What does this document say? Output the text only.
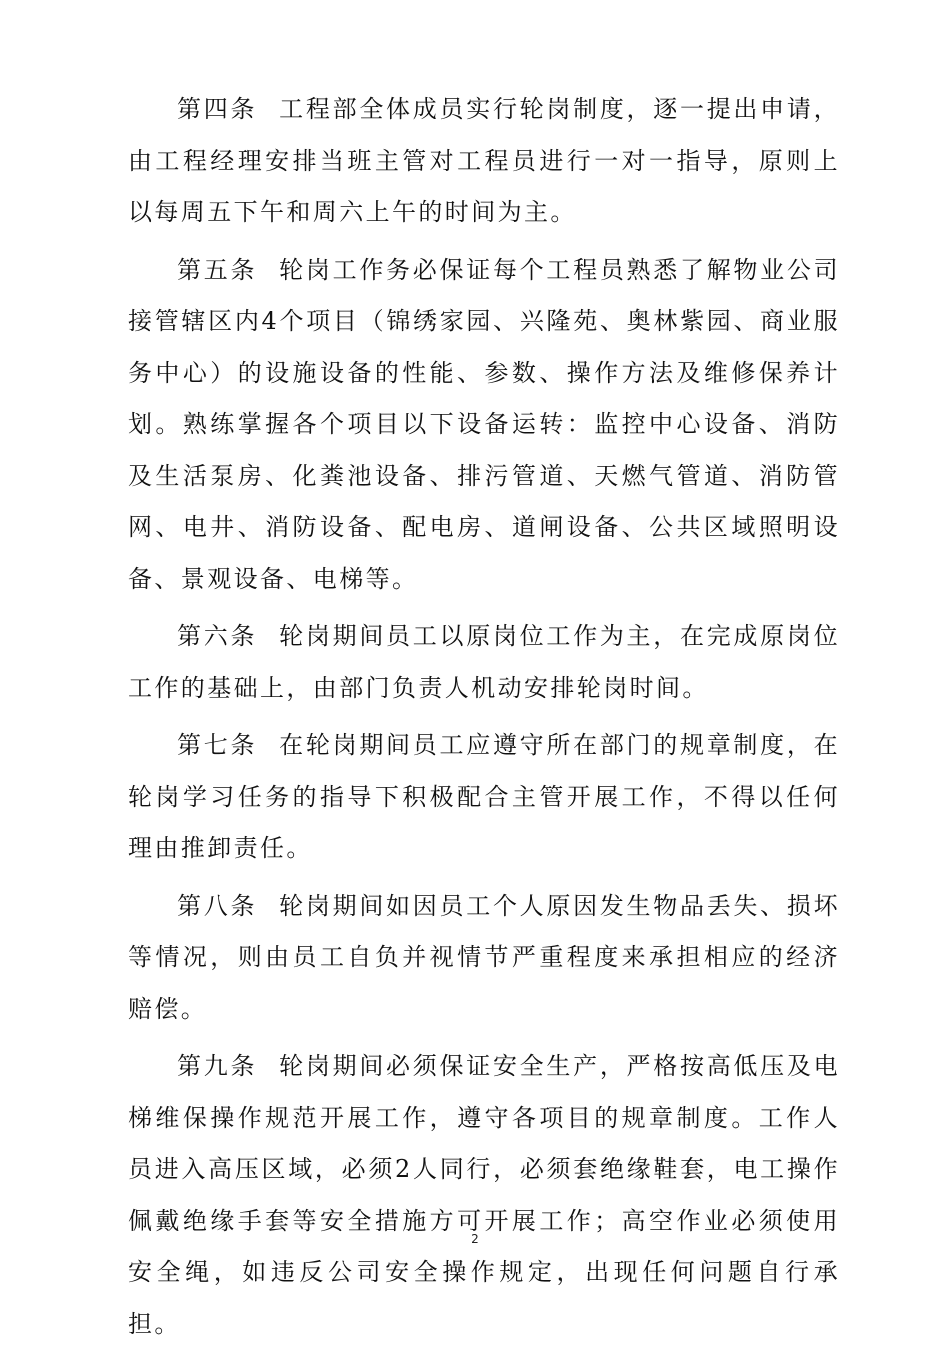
第四条 工程部全体成员实行轮岗制度，逐一提出申请，由工程经理安排当班主管对工程员进行一对一指导，原则上以每周五下午和周六上午的时间为主。

第五条 轮岗工作务必保证每个工程员熟悉了解物业公司接管辖区内4个项目（锦绣家园、兴隆苑、奥林紫园、商业服务中心）的设施设备的性能、参数、操作方法及维修保养计划。熟练掌握各个项目以下设备运转：监控中心设备、消防及生活泵房、化粪池设备、排污管道、天燃气管道、消防管网、电井、消防设备、配电房、道闸设备、公共区域照明设备、景观设备、电梯等。

第六条 轮岗期间员工以原岗位工作为主，在完成原岗位工作的基础上，由部门负责人机动安排轮岗时间。

第七条 在轮岗期间员工应遵守所在部门的规章制度，在轮岗学习任务的指导下积极配合主管开展工作，不得以任何理由推卸责任。

第八条 轮岗期间如因员工个人原因发生物品丢失、损坏等情况，则由员工自负并视情节严重程度来承担相应的经济赔偿。

第九条 轮岗期间必须保证安全生产，严格按高低压及电梯维保操作规范开展工作，遵守各项目的规章制度。工作人员进入高压区域，必须2人同行，必须套绝缘鞋套，电工操作佩戴绝缘手套等安全措施方可开展工作；高空作业必须使用安全绳，如违反公司安全操作规定，出现任何问题自行承担。

2
